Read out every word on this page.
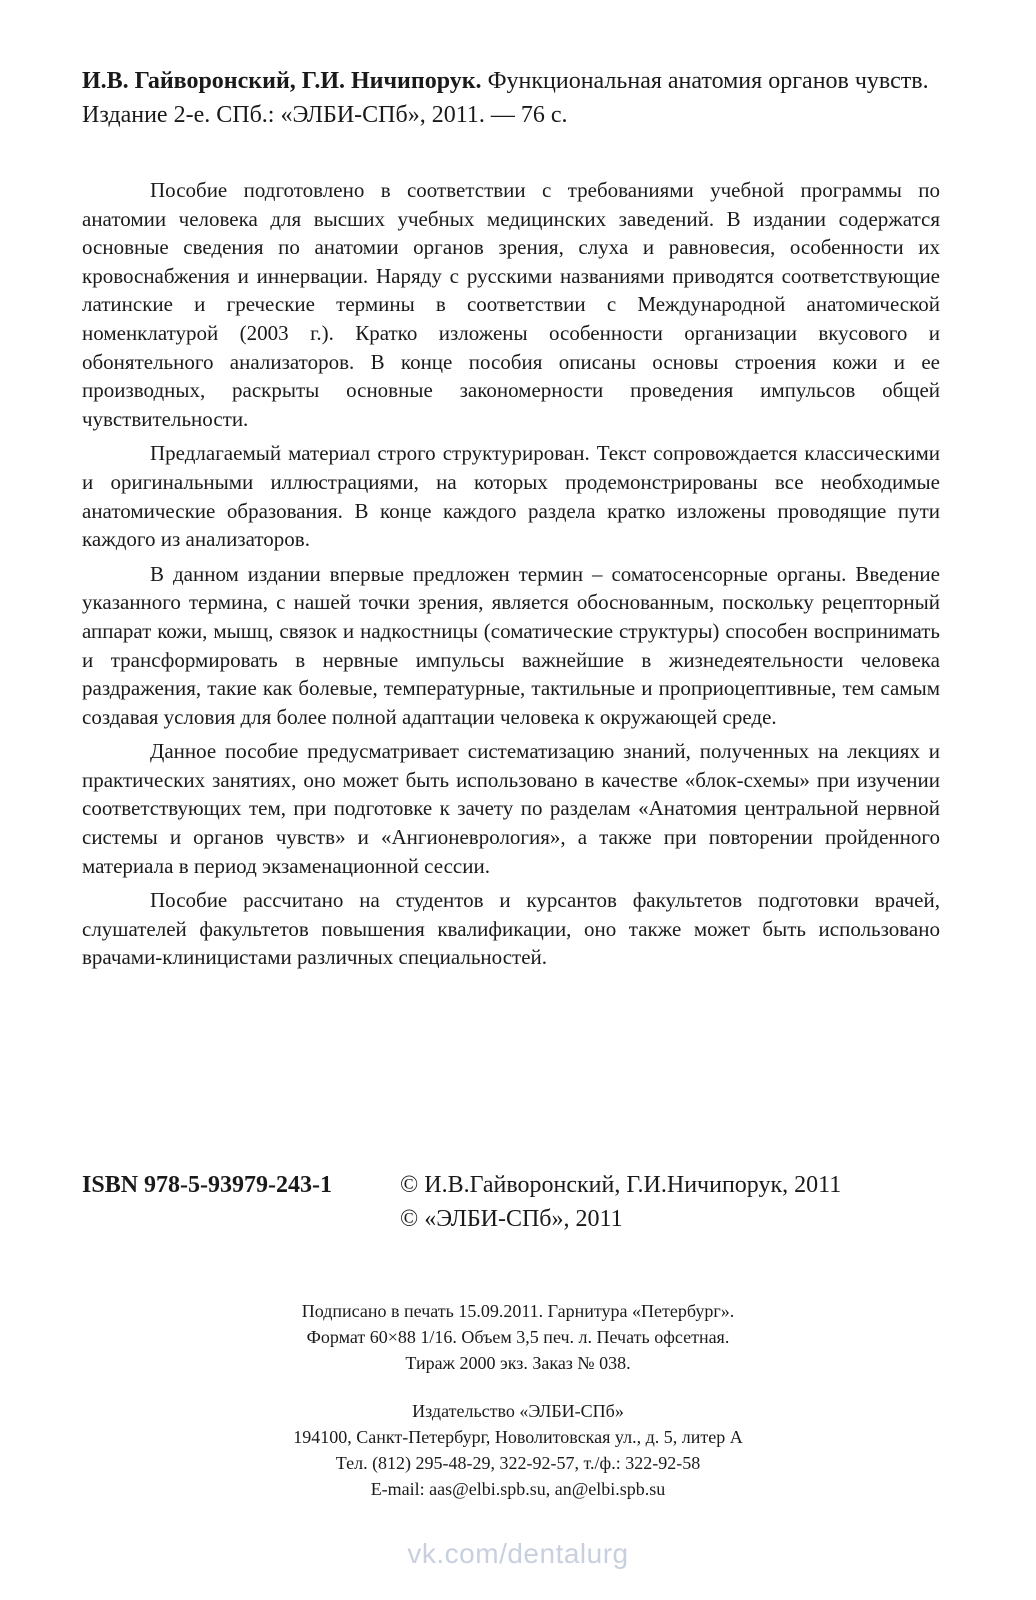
И.В. Гайворонский, Г.И. Ничипорук. Функциональная анатомия органов чувств. Издание 2-е. СПб.: «ЭЛБИ-СПб», 2011. — 76 с.

Пособие подготовлено в соответствии с требованиями учебной программы по анатомии человека для высших учебных медицинских заведений. В издании содержатся основные сведения по анатомии органов зрения, слуха и равновесия, особенности их кровоснабжения и иннервации. Наряду с русскими названиями приводятся соответствующие латинские и греческие термины в соответствии с Международной анатомической номенклатурой (2003 г.). Кратко изложены особенности организации вкусового и обонятельного анализаторов. В конце пособия описаны основы строения кожи и ее производных, раскрыты основные закономерности проведения импульсов общей чувствительности.

Предлагаемый материал строго структурирован. Текст сопровождается классическими и оригинальными иллюстрациями, на которых продемонстрированы все необходимые анатомические образования. В конце каждого раздела кратко изложены проводящие пути каждого из анализаторов.

В данном издании впервые предложен термин – соматосенсорные органы. Введение указанного термина, с нашей точки зрения, является обоснованным, поскольку рецепторный аппарат кожи, мышц, связок и надкостницы (соматические структуры) способен воспринимать и трансформировать в нервные импульсы важнейшие в жизнедеятельности человека раздражения, такие как болевые, температурные, тактильные и проприоцептивные, тем самым создавая условия для более полной адаптации человека к окружающей среде.

Данное пособие предусматривает систематизацию знаний, полученных на лекциях и практических занятиях, оно может быть использовано в качестве «блок-схемы» при изучении соответствующих тем, при подготовке к зачету по разделам «Анатомия центральной нервной системы и органов чувств» и «Ангионеврология», а также при повторении пройденного материала в период экзаменационной сессии.

Пособие рассчитано на студентов и курсантов факультетов подготовки врачей, слушателей факультетов повышения квалификации, оно также может быть использовано врачами-клиницистами различных специальностей.

ISBN 978-5-93979-243-1	© И.В.Гайворонский, Г.И.Ничипорук, 2011
© «ЭЛБИ-СПб», 2011
Подписано в печать 15.09.2011. Гарнитура «Петербург».
Формат 60×88 1/16. Объем 3,5 печ. л. Печать офсетная.
Тираж 2000 экз. Заказ № 038.
Издательство «ЭЛБИ-СПб»
194100, Санкт-Петербург, Новолитовская ул., д. 5, литер А
Тел. (812) 295-48-29, 322-92-57, т./ф.: 322-92-58
E-mail: aas@elbi.spb.su, an@elbi.spb.su
vk.com/dentalurg
